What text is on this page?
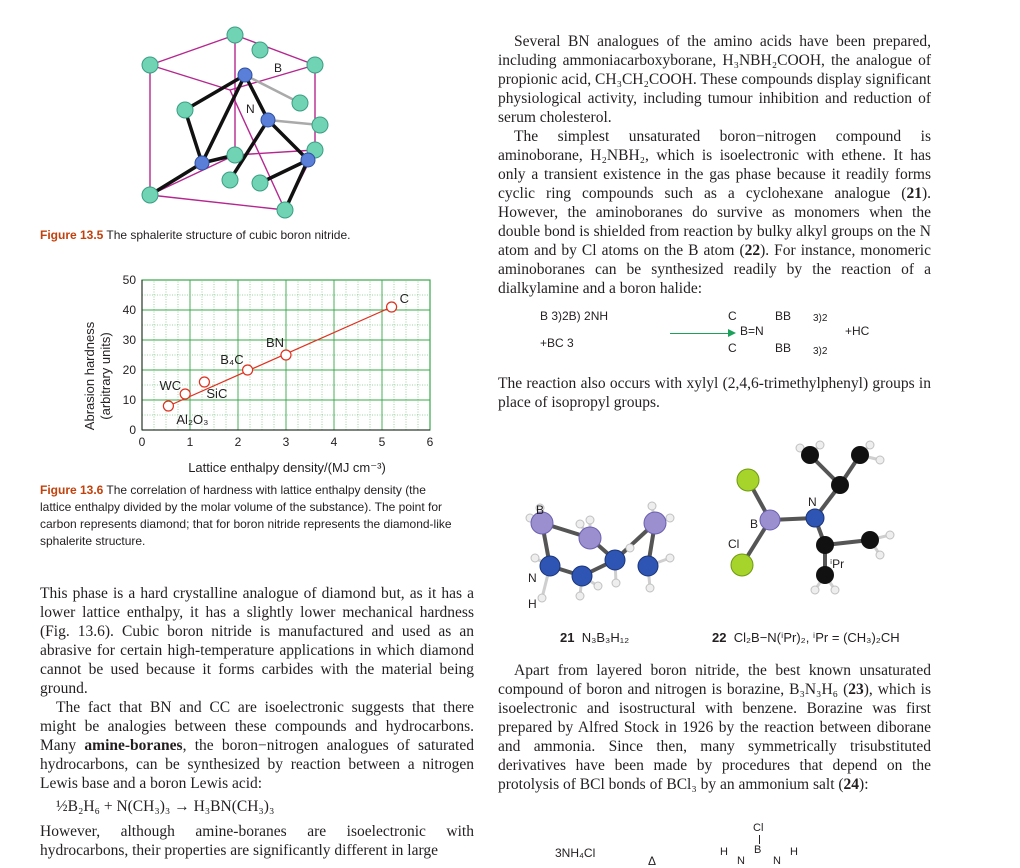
B
N
Figure 13.5 The sphalerite structure of cubic boron nitride.
Abrasion hardness (arbitrary units)
Lattice enthalpy density/(MJ cm⁻³)
0	1	2	3	4	5	6
0
10
20
30
40
50
Al₂O₃
WC
SiC
B₄C
BN
C
Figure 13.6 The correlation of hardness with lattice enthalpy density (the lattice enthalpy divided by the molar volume of the substance). The point for carbon represents diamond; that for boron nitride represents the diamond-like sphalerite structure.

This phase is a hard crystalline analogue of diamond but, as it has a lower lattice enthalpy, it has a slightly lower mechanical hardness (Fig. 13.6). Cubic boron nitride is manufactured and used as an abrasive for certain high-temperature applications in which diamond cannot be used because it forms carbides with the material being ground.

The fact that BN and CC are isoelectronic suggests that there might be analogies between these compounds and hydrocarbons. Many amine-boranes, the boron−nitrogen analogues of saturated hydrocarbons, can be synthesized by reaction between a nitrogen Lewis base and a boron Lewis acid:

½B₂H₆ + N(CH₃)₃ → H₃BN(CH₃)₃

However, although amine-boranes are isoelectronic with hydrocarbons, their properties are significantly different in large

Several BN analogues of the amino acids have been prepared, including ammoniacarboxyborane, H₃NBH₂COOH, the analogue of propionic acid, CH₃CH₂COOH. These compounds display significant physiological activity, including tumour inhibition and reduction of serum cholesterol.

The simplest unsaturated boron−nitrogen compound is aminoborane, H₂NBH₂, which is isoelectronic with ethene. It has only a transient existence in the gas phase because it readily forms cyclic ring compounds such as a cyclohexane analogue (21). However, the aminoboranes do survive as monomers when the double bond is shielded from reaction by bulky alkyl groups on the N atom and by Cl atoms on the B atom (22). For instance, monomeric aminoboranes can be synthesized readily by the reaction of a dialkylamine and a boron halide:

B 3)2B) 2NH
+BC 3
C	BB 3)2
B=N
C	BB 3)2
+HC

The reaction also occurs with xylyl (2,4,6-trimethylphenyl) groups in place of isopropyl groups.

B
N
H
21 N₃B₃H₁₂
B
N
Cl
ⁱPr
22 Cl₂B−N(ⁱPr)₂, ⁱPr = (CH₃)₂CH

Apart from layered boron nitride, the best known unsaturated compound of boron and nitrogen is borazine, B₃N₃H₆ (23), which is isoelectronic and isostructural with benzene. Borazine was first prepared by Alfred Stock in 1926 by the reaction between diborane and ammonia. Since then, many symmetrically trisubstituted derivatives have been made by procedures that depend on the protolysis of BCl bonds of BCl₃ by an ammonium salt (24):

3NH₄Cl
Δ
Cl
H B	H
N	N
